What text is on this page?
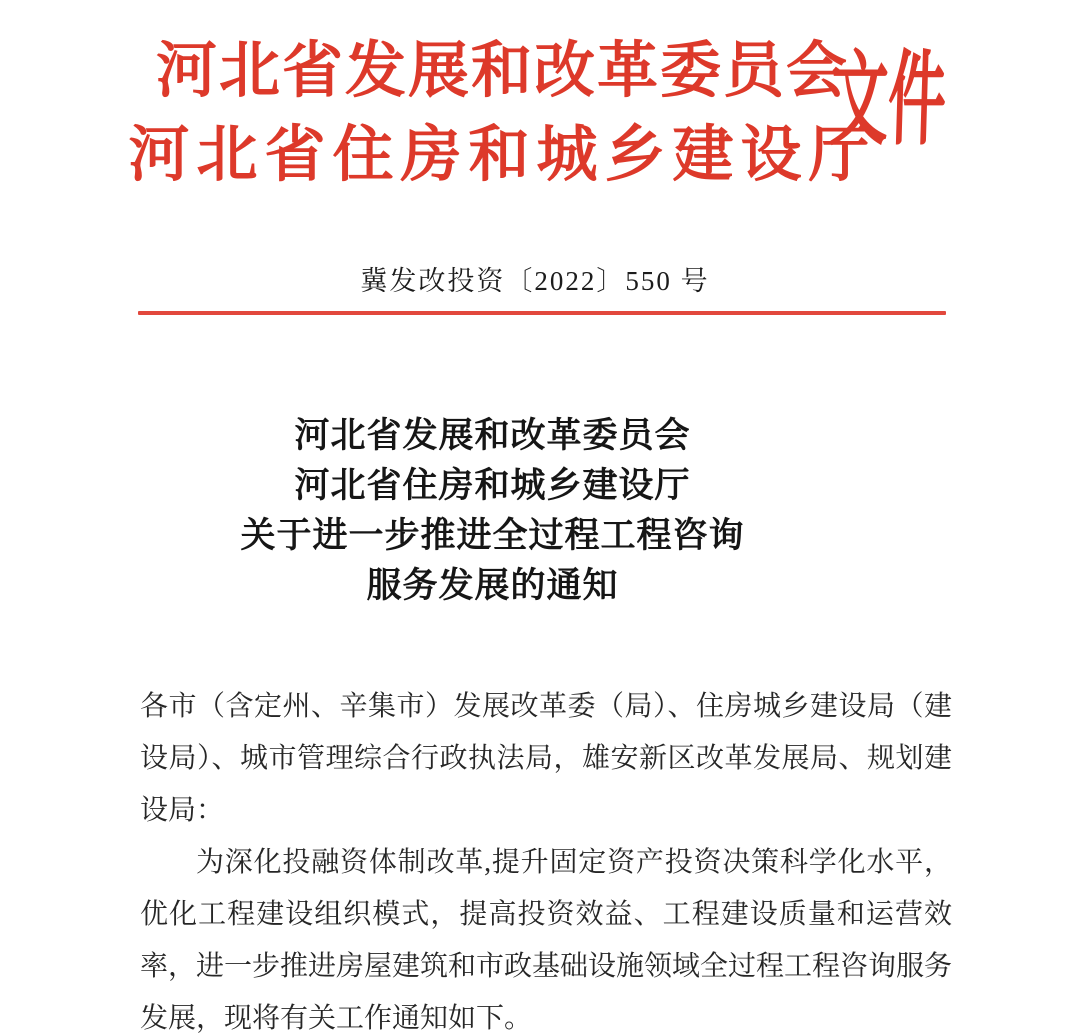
河北省发展和改革委员会
河北省住房和城乡建设厅
文件
冀发改投资〔2022〕550 号
河北省发展和改革委员会
河北省住房和城乡建设厅
关于进一步推进全过程工程咨询
服务发展的通知

各市（含定州、辛集市）发展改革委（局）、住房城乡建设局（建设局）、城市管理综合行政执法局，雄安新区改革发展局、规划建设局：

为深化投融资体制改革,提升固定资产投资决策科学化水平，优化工程建设组织模式，提高投资效益、工程建设质量和运营效率，进一步推进房屋建筑和市政基础设施领域全过程工程咨询服务发展，现将有关工作通知如下。
